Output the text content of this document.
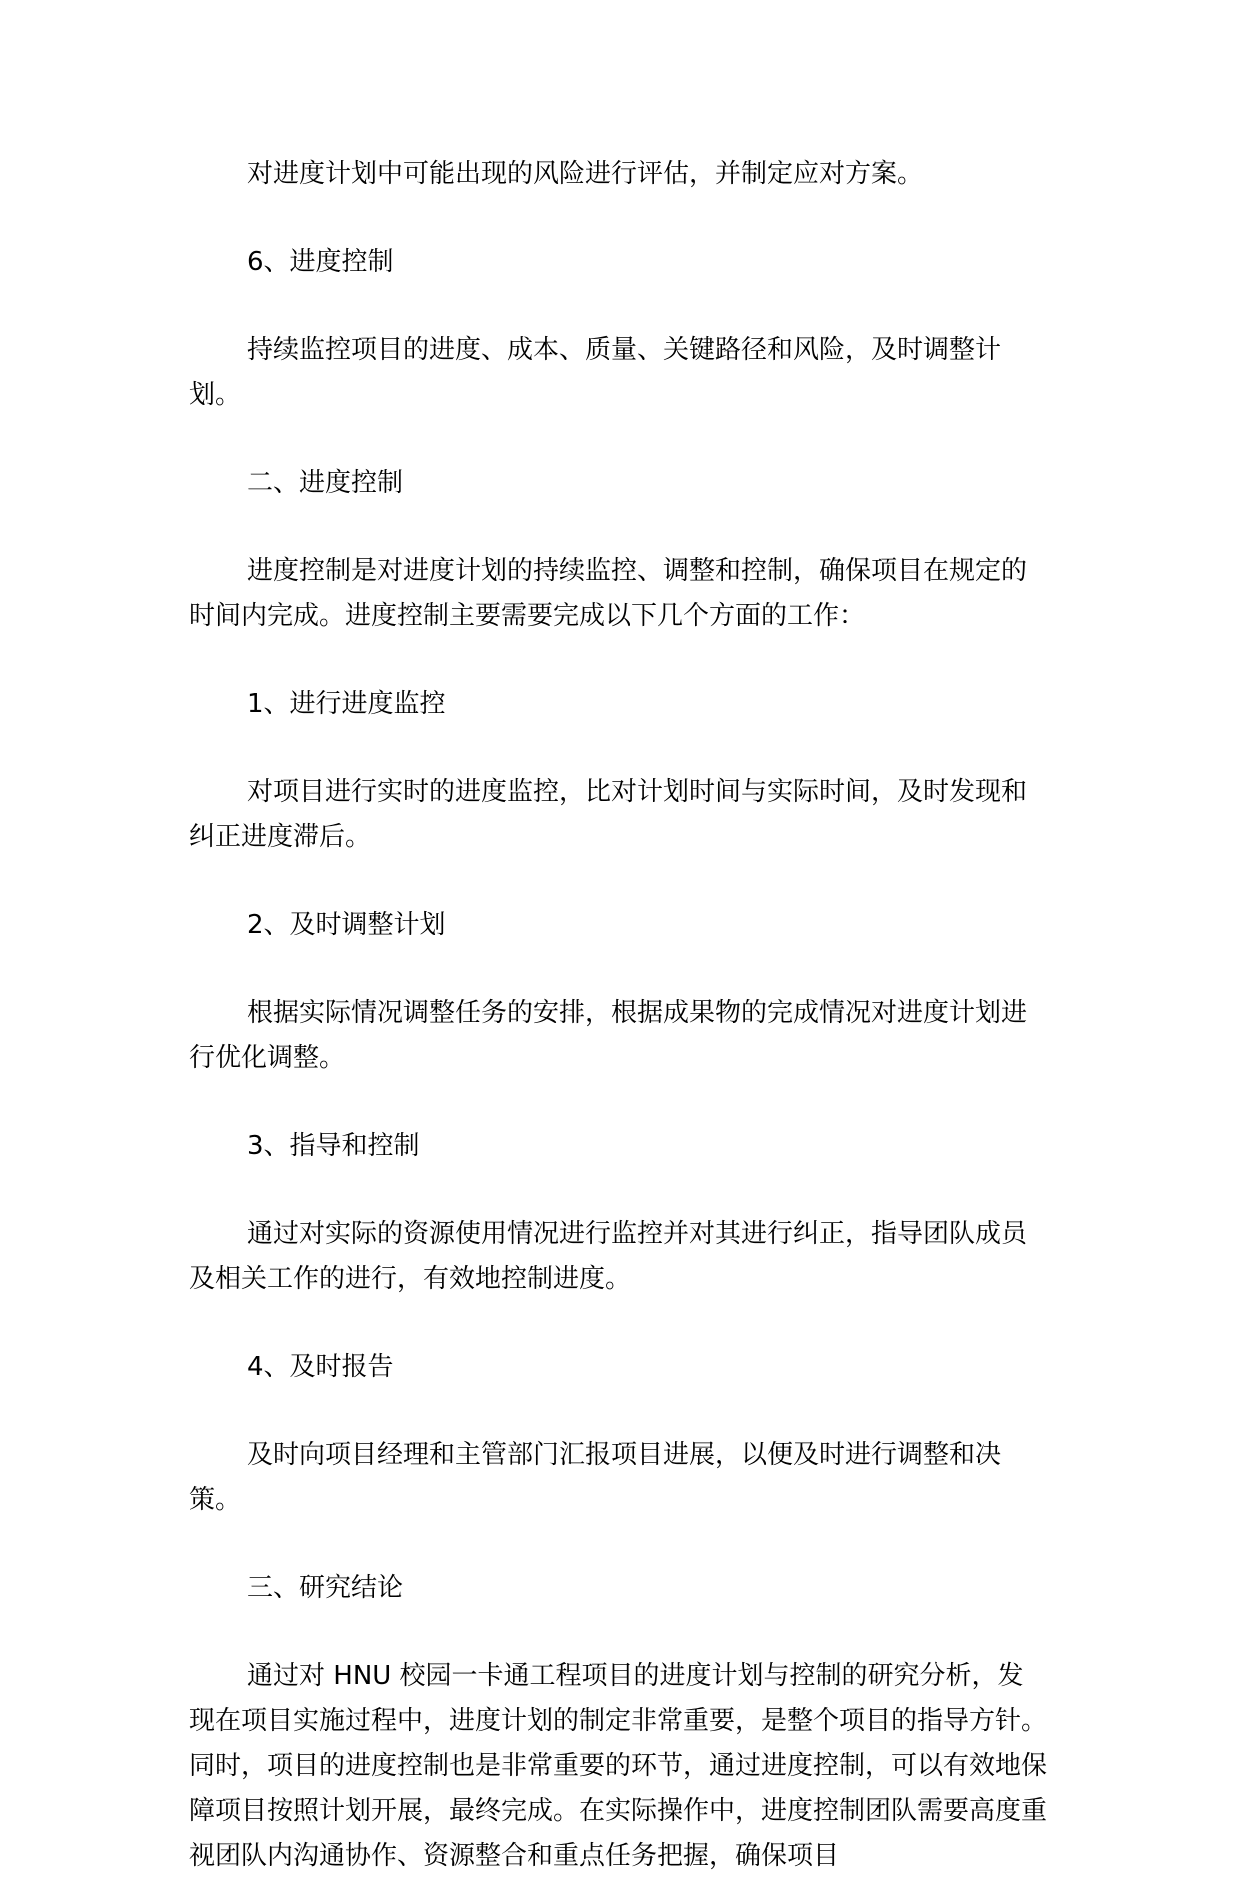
对进度计划中可能出现的风险进行评估，并制定应对方案。

6、进度控制

持续监控项目的进度、成本、质量、关键路径和风险，及时调整计划。

二、进度控制

进度控制是对进度计划的持续监控、调整和控制，确保项目在规定的时间内完成。进度控制主要需要完成以下几个方面的工作：

1、进行进度监控

对项目进行实时的进度监控，比对计划时间与实际时间，及时发现和纠正进度滞后。

2、及时调整计划

根据实际情况调整任务的安排，根据成果物的完成情况对进度计划进行优化调整。

3、指导和控制

通过对实际的资源使用情况进行监控并对其进行纠正，指导团队成员及相关工作的进行，有效地控制进度。

4、及时报告

及时向项目经理和主管部门汇报项目进展，以便及时进行调整和决策。

三、研究结论

通过对 HNU 校园一卡通工程项目的进度计划与控制的研究分析，发现在项目实施过程中，进度计划的制定非常重要，是整个项目的指导方针。同时，项目的进度控制也是非常重要的环节，通过进度控制，可以有效地保障项目按照计划开展，最终完成。在实际操作中，进度控制团队需要高度重视团队内沟通协作、资源整合和重点任务把握，确保项目
